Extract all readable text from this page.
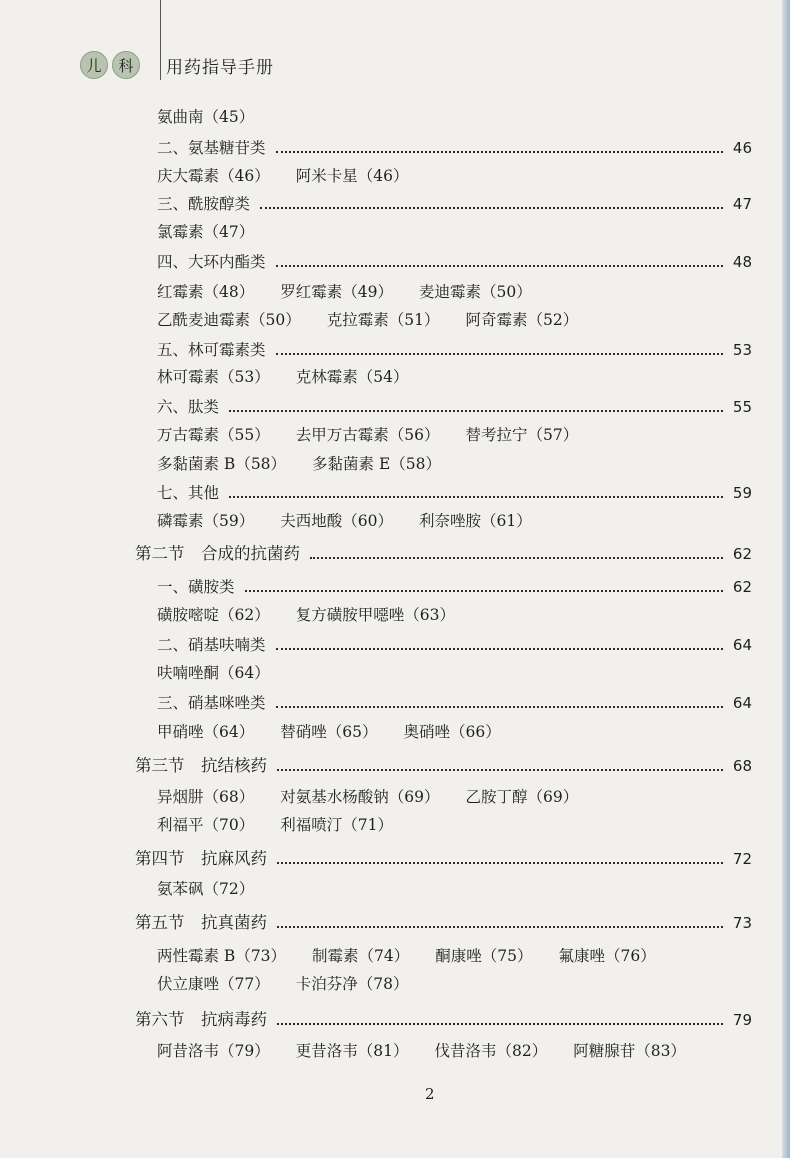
儿	科	用药指导手册
氨曲南（45）
二、氨基糖苷类	46
庆大霉素（46） 阿米卡星（46）
三、酰胺醇类	47
氯霉素（47）
四、大环内酯类	48
红霉素（48） 罗红霉素（49） 麦迪霉素（50）
乙酰麦迪霉素（50） 克拉霉素（51） 阿奇霉素（52）
五、林可霉素类	53
林可霉素（53） 克林霉素（54）
六、肽类	55
万古霉素（55） 去甲万古霉素（56） 替考拉宁（57）
多黏菌素 B（58） 多黏菌素 E（58）
七、其他	59
磷霉素（59） 夫西地酸（60） 利奈唑胺（61）
第二节　合成的抗菌药	62
一、磺胺类	62
磺胺嘧啶（62） 复方磺胺甲噁唑（63）
二、硝基呋喃类	64
呋喃唑酮（64）
三、硝基咪唑类	64
甲硝唑（64） 替硝唑（65） 奥硝唑（66）
第三节　抗结核药	68
异烟肼（68） 对氨基水杨酸钠（69） 乙胺丁醇（69）
利福平（70） 利福喷汀（71）
第四节　抗麻风药	72
氨苯砜（72）
第五节　抗真菌药	73
两性霉素 B（73） 制霉素（74） 酮康唑（75） 氟康唑（76）
伏立康唑（77） 卡泊芬净（78）
第六节　抗病毒药	79
阿昔洛韦（79） 更昔洛韦（81） 伐昔洛韦（82） 阿糖腺苷（83）
2
